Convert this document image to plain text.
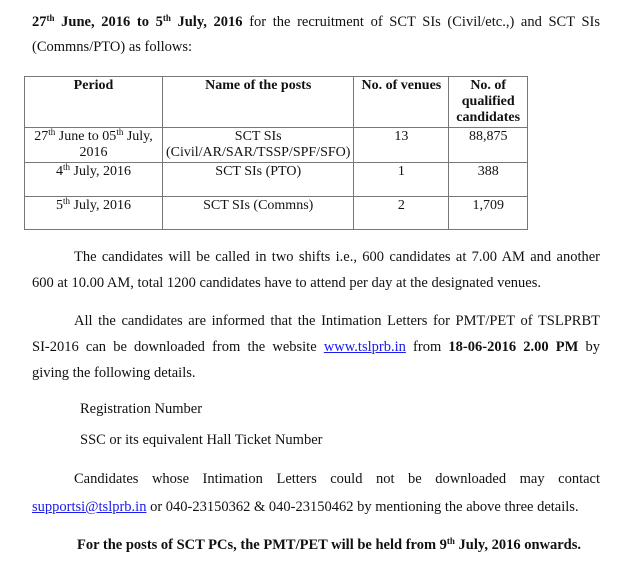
27th June, 2016 to 5th July, 2016 for the recruitment of SCT SIs (Civil/etc.,) and SCT SIs
(Commns/PTO) as follows:
Period	Name of the posts	No. of venues	No. of qualified candidates
27th June to 05th July, 2016	SCT SIs (Civil/AR/SAR/TSSP/SPF/SFO)	13	88,875
4th July, 2016	SCT SIs (PTO)	1	388
5th July, 2016	SCT SIs (Commns)	2	1,709
The candidates will be called in two shifts i.e., 600 candidates at 7.00 AM and another
600 at 10.00 AM, total 1200 candidates have to attend per day at the designated venues.
All the candidates are informed that the Intimation Letters for PMT/PET of TSLPRBT
SI-2016 can be downloaded from the website www.tslprb.in from 18-06-2016 2.00 PM by
giving the following details.
Registration Number
SSC or its equivalent Hall Ticket Number
Candidates whose Intimation Letters could not be downloaded may contact
supportsi@tslprb.in or 040-23150362 & 040-23150462 by mentioning the above three details.
For the posts of SCT PCs, the PMT/PET will be held from 9th July, 2016 onwards.
